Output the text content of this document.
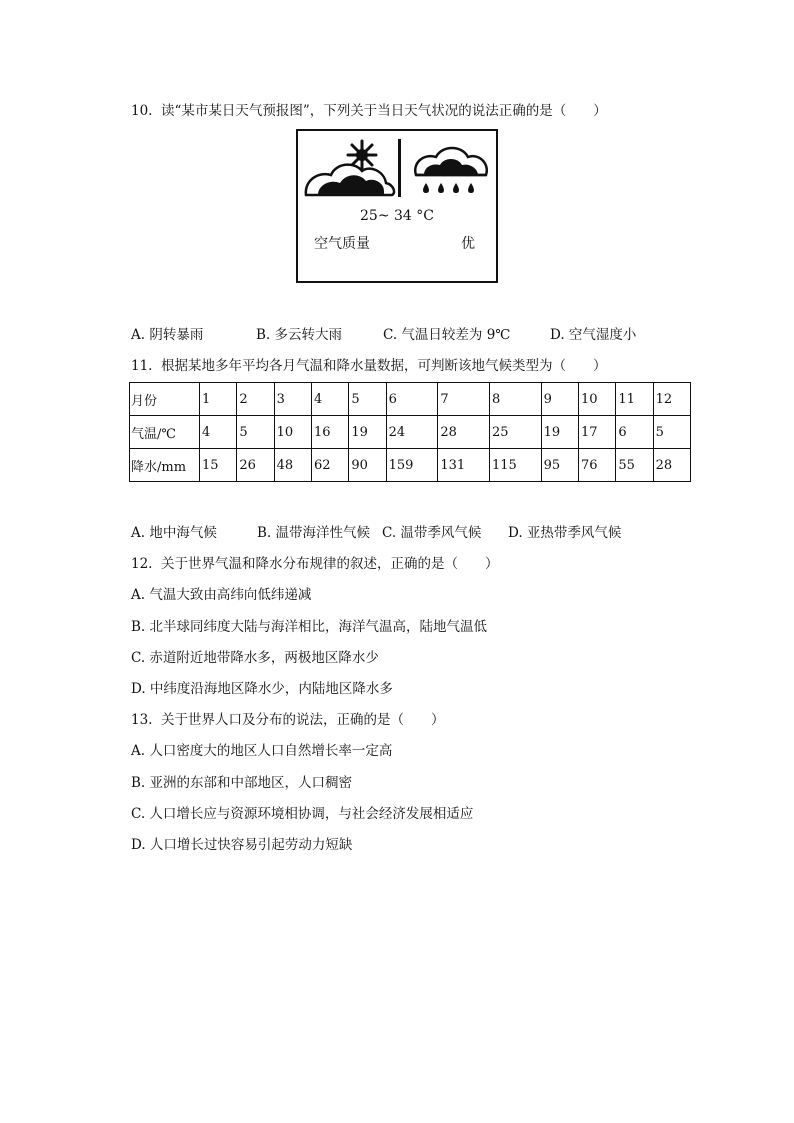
10. 读“某市某日天气预报图”，下列关于当日天气状况的说法正确的是（　　）
25~ 34 °C
空气质量	优
A. 阴转暴雨	B. 多云转大雨	C. 气温日较差为 9℃	D. 空气湿度小
11. 根据某地多年平均各月气温和降水量数据，可判断该地气候类型为（　　）
月份	1	2	3	4	5	6	7	8	9	10	11	12
气温/℃	4	5	10	16	19	24	28	25	19	17	6	5
降水/mm	15	26	48	62	90	159	131	115	95	76	55	28
A. 地中海气候	B. 温带海洋性气候 C. 温带季风气候 D. 亚热带季风气候
12. 关于世界气温和降水分布规律的叙述，正确的是（　　）
A. 气温大致由高纬向低纬递减
B. 北半球同纬度大陆与海洋相比，海洋气温高，陆地气温低
C. 赤道附近地带降水多，两极地区降水少
D. 中纬度沿海地区降水少，内陆地区降水多
13. 关于世界人口及分布的说法，正确的是（　　）
A. 人口密度大的地区人口自然增长率一定高
B. 亚洲的东部和中部地区，人口稠密
C. 人口增长应与资源环境相协调，与社会经济发展相适应
D. 人口增长过快容易引起劳动力短缺
